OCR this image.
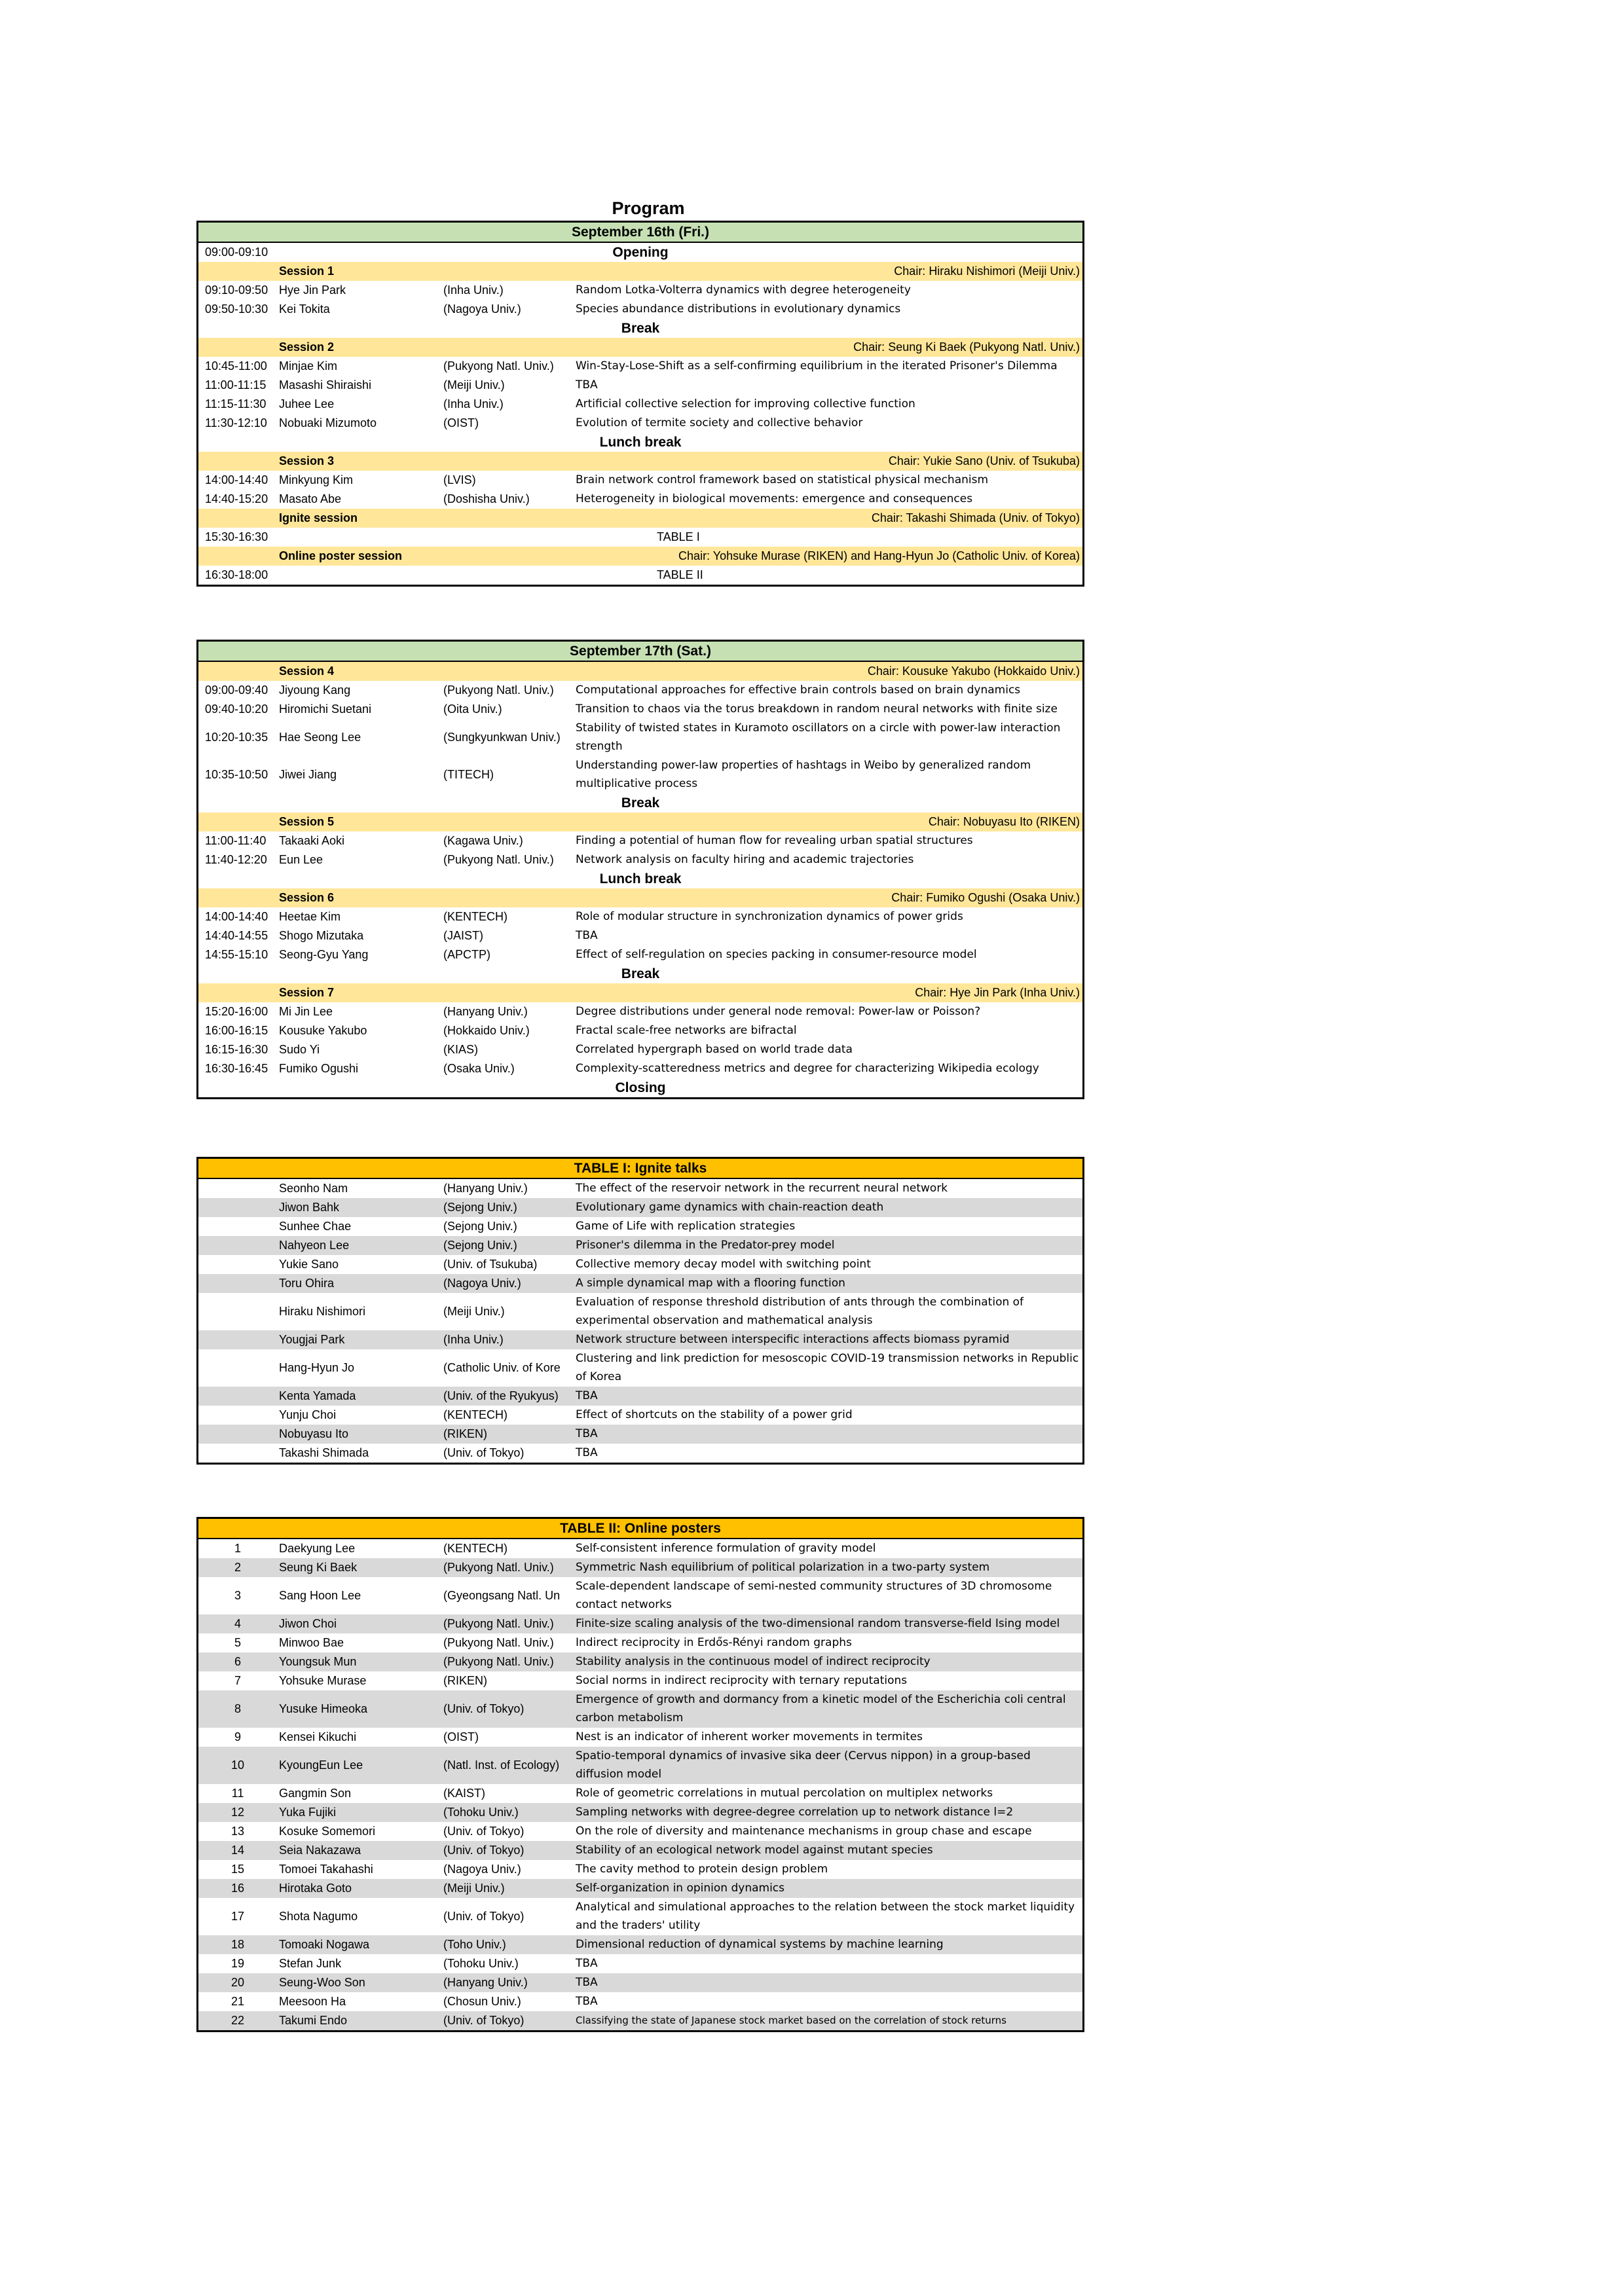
Program
September 16th (Fri.)
09:00-09:10	Opening
Session 1	Chair: Hiraku Nishimori (Meiji Univ.)
09:10-09:50 Hye Jin Park	(Inha Univ.)	Random Lotka-Volterra dynamics with degree heterogeneity
09:50-10:30 Kei Tokita	(Nagoya Univ.)	Species abundance distributions in evolutionary dynamics
Break
Session 2	Chair: Seung Ki Baek (Pukyong Natl. Univ.)
10:45-11:00 Minjae Kim	(Pukyong Natl. Univ.)	Win-Stay-Lose-Shift as a self-confirming equilibrium in the iterated Prisoner's Dilemma
11:00-11:15 Masashi Shiraishi	(Meiji Univ.)	TBA
11:15-11:30 Juhee Lee	(Inha Univ.)	Artificial collective selection for improving collective function
11:30-12:10 Nobuaki Mizumoto	(OIST)	Evolution of termite society and collective behavior
Lunch break
Session 3	Chair: Yukie Sano (Univ. of Tsukuba)
14:00-14:40 Minkyung Kim	(LVIS)	Brain network control framework based on statistical physical mechanism
14:40-15:20 Masato Abe	(Doshisha Univ.)	Heterogeneity in biological movements: emergence and consequences
Ignite session	Chair: Takashi Shimada (Univ. of Tokyo)
15:30-16:30	TABLE I
Online poster session	Chair: Yohsuke Murase (RIKEN) and Hang-Hyun Jo (Catholic Univ. of Korea)
16:30-18:00	TABLE II
September 17th (Sat.)
Session 4	Chair: Kousuke Yakubo (Hokkaido Univ.)
09:00-09:40 Jiyoung Kang	(Pukyong Natl. Univ.)	Computational approaches for effective brain controls based on brain dynamics
09:40-10:20 Hiromichi Suetani	(Oita Univ.)	Transition to chaos via the torus breakdown in random neural networks with finite size
10:20-10:35 Hae Seong Lee	(Sungkyunkwan Univ.)
Stability of twisted states in Kuramoto oscillators on a circle with power-law interaction strength
10:35-10:50 Jiwei Jiang	(TITECH)
Understanding power-law properties of hashtags in Weibo by generalized random multiplicative process
Break
Session 5	Chair: Nobuyasu Ito (RIKEN)
11:00-11:40 Takaaki Aoki	(Kagawa Univ.)	Finding a potential of human flow for revealing urban spatial structures
11:40-12:20 Eun Lee	(Pukyong Natl. Univ.)	Network analysis on faculty hiring and academic trajectories
Lunch break
Session 6	Chair: Fumiko Ogushi (Osaka Univ.)
14:00-14:40 Heetae Kim	(KENTECH)	Role of modular structure in synchronization dynamics of power grids
14:40-14:55 Shogo Mizutaka	(JAIST)	TBA
14:55-15:10 Seong-Gyu Yang	(APCTP)	Effect of self-regulation on species packing in consumer-resource model
Break
Session 7	Chair: Hye Jin Park (Inha Univ.)
15:20-16:00 Mi Jin Lee	(Hanyang Univ.)	Degree distributions under general node removal: Power-law or Poisson?
16:00-16:15 Kousuke Yakubo	(Hokkaido Univ.)	Fractal scale-free networks are bifractal
16:15-16:30 Sudo Yi	(KIAS)	Correlated hypergraph based on world trade data
16:30-16:45 Fumiko Ogushi	(Osaka Univ.)	Complexity-scatteredness metrics and degree for characterizing Wikipedia ecology
Closing
TABLE I: Ignite talks
Seonho Nam	(Hanyang Univ.)	The effect of the reservoir network in the recurrent neural network
Jiwon Bahk	(Sejong Univ.)	Evolutionary game dynamics with chain-reaction death
Sunhee Chae	(Sejong Univ.)	Game of Life with replication strategies
Nahyeon Lee	(Sejong Univ.)	Prisoner's dilemma in the Predator-prey model
Yukie Sano	(Univ. of Tsukuba)	Collective memory decay model with switching point
Toru Ohira	(Nagoya Univ.)	A simple dynamical map with a flooring function
Hiraku Nishimori	(Meiji Univ.)
Evaluation of response threshold distribution of ants through the combination of experimental observation and mathematical analysis
Yougjai Park	(Inha Univ.)	Network structure between interspecific interactions affects biomass pyramid
Hang-Hyun Jo	(Catholic Univ. of Kore
Clustering and link prediction for mesoscopic COVID-19 transmission networks in Republic of Korea
Kenta Yamada	(Univ. of the Ryukyus)	TBA
Yunju Choi	(KENTECH)	Effect of shortcuts on the stability of a power grid
Nobuyasu Ito	(RIKEN)	TBA
Takashi Shimada	(Univ. of Tokyo)	TBA
TABLE II: Online posters
1	Daekyung Lee	(KENTECH)	Self-consistent inference formulation of gravity model
2	Seung Ki Baek	(Pukyong Natl. Univ.)	Symmetric Nash equilibrium of political polarization in a two-party system
3	Sang Hoon Lee	(Gyeongsang Natl. Un
Scale-dependent landscape of semi-nested community structures of 3D chromosome contact networks
4	Jiwon Choi	(Pukyong Natl. Univ.)	Finite-size scaling analysis of the two-dimensional random transverse-field Ising model
5	Minwoo Bae	(Pukyong Natl. Univ.)	Indirect reciprocity in Erdős-Rényi random graphs
6	Youngsuk Mun	(Pukyong Natl. Univ.)	Stability analysis in the continuous model of indirect reciprocity
7	Yohsuke Murase	(RIKEN)	Social norms in indirect reciprocity with ternary reputations
8	Yusuke Himeoka	(Univ. of Tokyo)
Emergence of growth and dormancy from a kinetic model of the Escherichia coli central carbon metabolism
9	Kensei Kikuchi	(OIST)	Nest is an indicator of inherent worker movements in termites
10	KyoungEun Lee	(Natl. Inst. of Ecology)
Spatio-temporal dynamics of invasive sika deer (Cervus nippon) in a group-based diffusion model
11	Gangmin Son	(KAIST)	Role of geometric correlations in mutual percolation on multiplex networks
12	Yuka Fujiki	(Tohoku Univ.)	Sampling networks with degree-degree correlation up to network distance l=2
13	Kosuke Somemori	(Univ. of Tokyo)	On the role of diversity and maintenance mechanisms in group chase and escape
14	Seia Nakazawa	(Univ. of Tokyo)	Stability of an ecological network model against mutant species
15	Tomoei Takahashi	(Nagoya Univ.)	The cavity method to protein design problem
16	Hirotaka Goto	(Meiji Univ.)	Self-organization in opinion dynamics
17	Shota Nagumo	(Univ. of Tokyo)
Analytical and simulational approaches to the relation between the stock market liquidity and the traders' utility
18	Tomoaki Nogawa	(Toho Univ.)	Dimensional reduction of dynamical systems by machine learning
19	Stefan Junk	(Tohoku Univ.)	TBA
20	Seung-Woo Son	(Hanyang Univ.)	TBA
21	Meesoon Ha	(Chosun Univ.)	TBA
22	Takumi Endo	(Univ. of Tokyo)	Classifying the state of Japanese stock market based on the correlation of stock returns
